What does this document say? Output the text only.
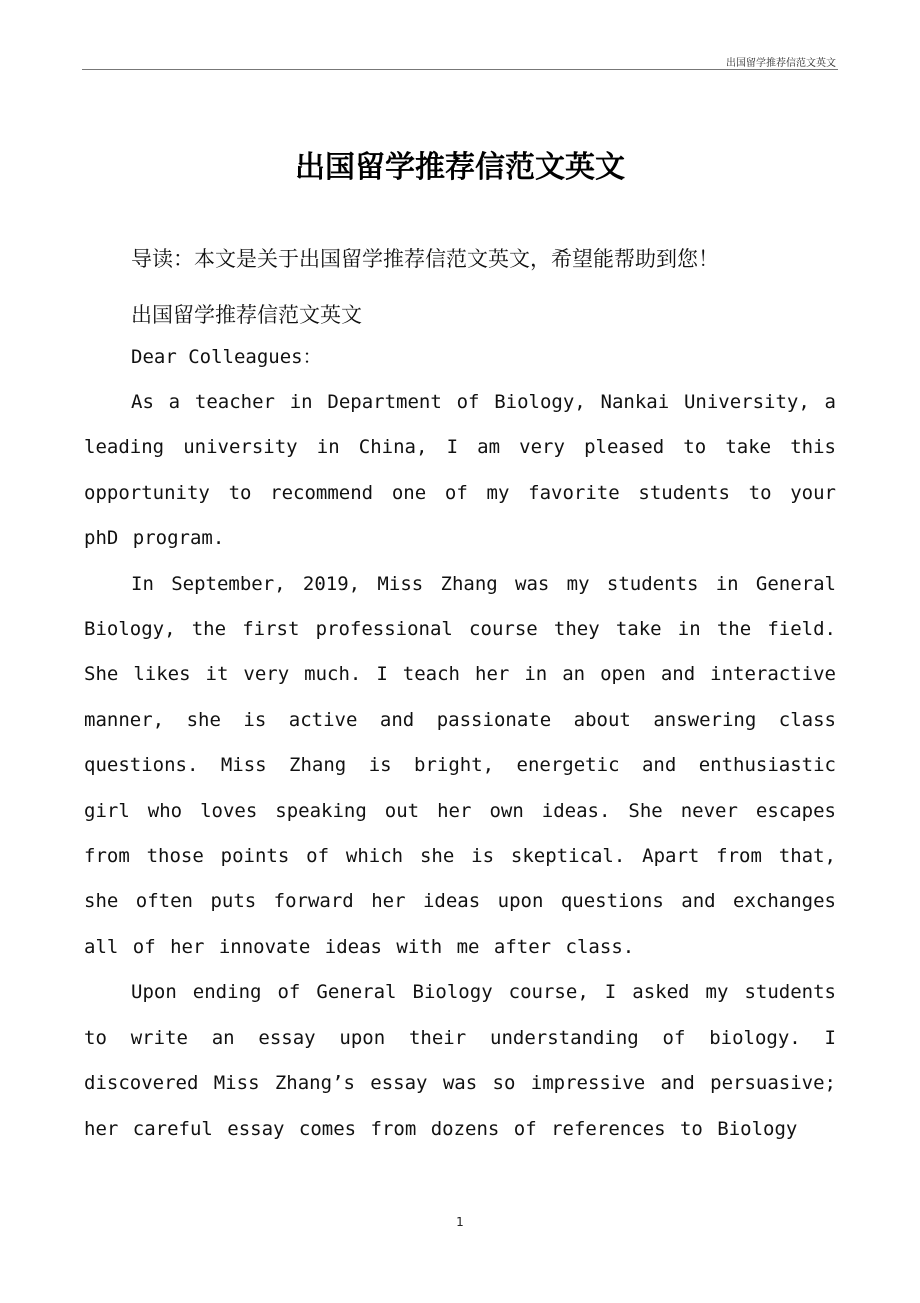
出国留学推荐信范文英文
出国留学推荐信范文英文

导读：本文是关于出国留学推荐信范文英文，希望能帮助到您！

出国留学推荐信范文英文

Dear Colleagues：

As a teacher in Department of Biology, Nankai University, a leading university in China, I am very pleased to take this opportunity to recommend one of my favorite students to your phD program.

In September, 2019, Miss Zhang was my students in General Biology, the first professional course they take in the field. She likes it very much. I teach her in an open and interactive manner, she is active and passionate about answering class questions. Miss Zhang is bright, energetic and enthusiastic girl who loves speaking out her own ideas. She never escapes from those points of which she is skeptical. Apart from that, she often puts forward her ideas upon questions and exchanges all of her innovate ideas with me after class.

Upon ending of General Biology course, I asked my students to write an essay upon their understanding of biology. I discovered Miss Zhang’s essay was so impressive and persuasive; her careful essay comes from dozens of references to Biology

1
